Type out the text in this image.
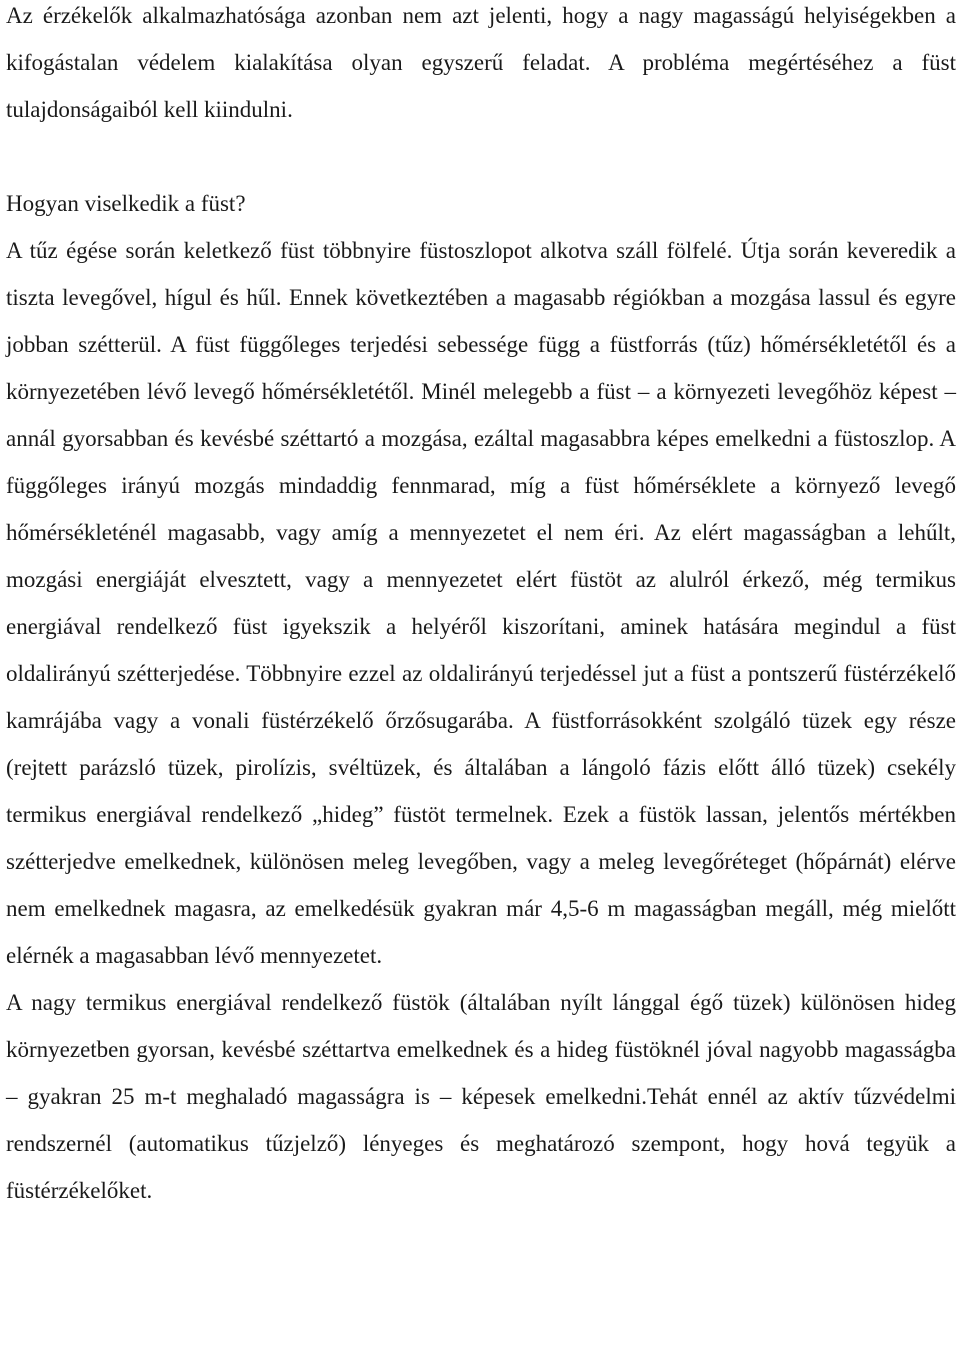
Az érzékelők alkalmazhatósága azonban nem azt jelenti, hogy a nagy magasságú helyiségekben a kifogástalan védelem kialakítása olyan egyszerű feladat. A probléma megértéséhez a füst tulajdonságaiból kell kiindulni.

Hogyan viselkedik a füst?

A tűz égése során keletkező füst többnyire füstoszlopot alkotva száll fölfelé. Útja során keveredik a tiszta levegővel, hígul és hűl. Ennek következtében a magasabb régiókban a mozgása lassul és egyre jobban szétterül. A füst függőleges terjedési sebessége függ a füstforrás (tűz) hőmérsékletétől és a környezetében lévő levegő hőmérsékletétől. Minél melegebb a füst – a környezeti levegőhöz képest – annál gyorsabban és kevésbé széttartó a mozgása, ezáltal magasabbra képes emelkedni a füstoszlop. A függőleges irányú mozgás mindaddig fennmarad, míg a füst hőmérséklete a környező levegő hőmérsékleténél magasabb, vagy amíg a mennyezetet el nem éri. Az elért magasságban a lehűlt, mozgási energiáját elvesztett, vagy a mennyezetet elért füstöt az alulról érkező, még termikus energiával rendelkező füst igyekszik a helyéről kiszorítani, aminek hatására megindul a füst oldalirányú szétterjedése. Többnyire ezzel az oldalirányú terjedéssel jut a füst a pontszerű füstérzékelő kamrájába vagy a vonali füstérzékelő őrzősugarába. A füstforrásokként szolgáló tüzek egy része (rejtett parázsló tüzek, pirolízis, svéltüzek, és általában a lángoló fázis előtt álló tüzek) csekély termikus energiával rendelkező „hideg” füstöt termelnek. Ezek a füstök lassan, jelentős mértékben szétterjedve emelkednek, különösen meleg levegőben, vagy a meleg levegőréteget (hőpárnát) elérve nem emelkednek magasra, az emelkedésük gyakran már 4,5-6 m magasságban megáll, még mielőtt elérnék a magasabban lévő mennyezetet.

A nagy termikus energiával rendelkező füstök (általában nyílt lánggal égő tüzek) különösen hideg környezetben gyorsan, kevésbé széttartva emelkednek és a hideg füstöknél jóval nagyobb magasságba – gyakran 25 m-t meghaladó magasságra is – képesek emelkedni.Tehát ennél az aktív tűzvédelmi rendszernél (automatikus tűzjelző) lényeges és meghatározó szempont, hogy hová tegyük a füstérzékelőket.
